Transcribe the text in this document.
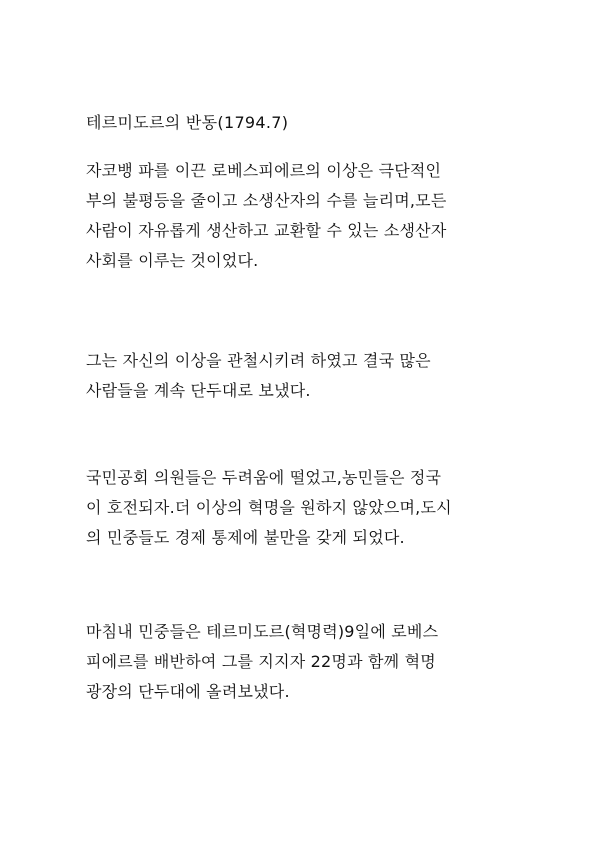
테르미도르의 반동(1794.7)
자코뱅 파를 이끈 로베스피에르의 이상은 극단적인
부의 불평등을 줄이고 소생산자의 수를 늘리며,모든
사람이 자유롭게 생산하고 교환할 수 있는 소생산자
사회를 이루는 것이었다.
그는 자신의 이상을 관철시키려 하였고 결국 많은
사람들을 계속 단두대로 보냈다.
국민공회 의원들은 두려움에 떨었고,농민들은 정국
이 호전되자.더 이상의 혁명을 원하지 않았으며,도시
의 민중들도 경제 통제에 불만을 갖게 되었다.
마침내 민중들은 테르미도르(혁명력)9일에 로베스
피에르를 배반하여 그를 지지자 22명과 함께 혁명
광장의 단두대에 올려보냈다.
